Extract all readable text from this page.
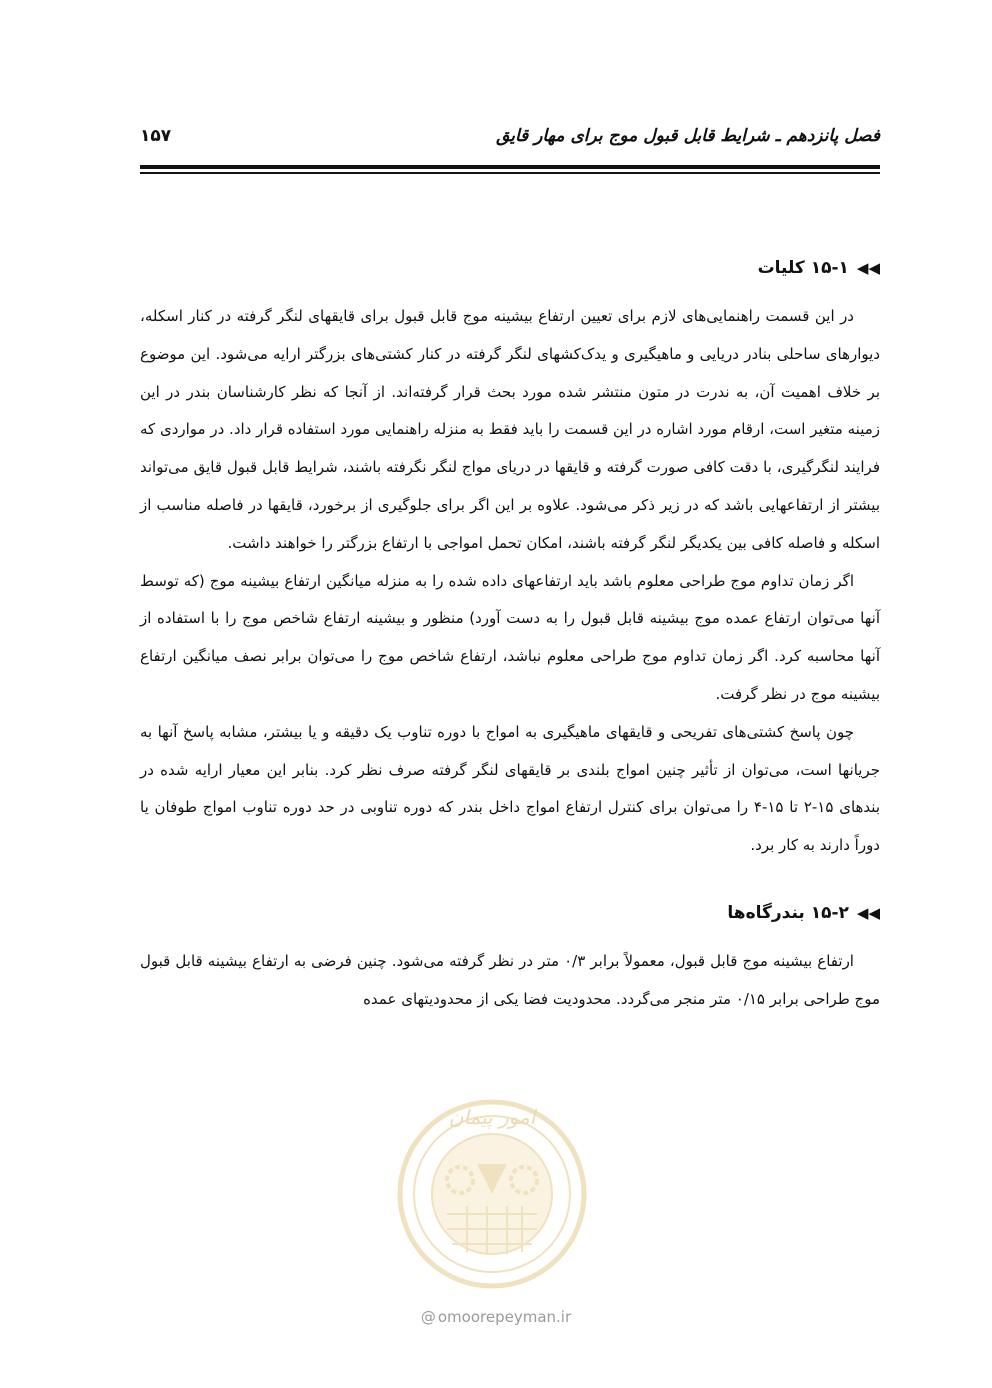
فصل پانزدهم ـ شرایط قابل قبول موج برای مهار قایق
۱۵۷
◀◀۱۵-۱ کلیات

در این قسمت راهنمایی‌های لازم برای تعیین ارتفاع بیشینه موج قابل قبول برای قایقهای لنگر گرفته در کنار اسکله، دیوارهای ساحلی بنادر دریایی و ماهیگیری و یدک‌کشهای لنگر گرفته در کنار کشتی‌های بزرگتر ارایه می‌شود. این موضوع بر خلاف اهمیت آن، به ندرت در متون منتشر شده مورد بحث قرار گرفته‌اند. از آنجا که نظر کارشناسان بندر در این زمینه متغیر است، ارقام مورد اشاره در این قسمت را باید فقط به منزله راهنمایی مورد استفاده قرار داد. در مواردی که فرایند لنگرگیری، با دقت کافی صورت گرفته و قایقها در دریای مواج لنگر نگرفته باشند، شرایط قابل قبول قایق می‌تواند بیشتر از ارتفاعهایی باشد که در زیر ذکر می‌شود. علاوه بر این اگر برای جلوگیری از برخورد، قایقها در فاصله مناسب از اسکله و فاصله کافی بین یکدیگر لنگر گرفته باشند، امکان تحمل امواجی با ارتفاع بزرگتر را خواهند داشت.

اگر زمان تداوم موج طراحی معلوم باشد باید ارتفاعهای داده شده را به منزله میانگین ارتفاع بیشینه موج (که توسط آنها می‌توان ارتفاع عمده موج بیشینه قابل قبول را به دست آورد) منظور و بیشینه ارتفاع شاخص موج را با استفاده از آنها محاسبه کرد. اگر زمان تداوم موج طراحی معلوم نباشد، ارتفاع شاخص موج را می‌توان برابر نصف میانگین ارتفاع بیشینه موج در نظر گرفت.

چون پاسخ کشتی‌های تفریحی و قایقهای ماهیگیری به امواج با دوره تناوب یک دقیقه و یا بیشتر، مشابه پاسخ آنها به جریانها است، می‌توان از تأثیر چنین امواج بلندی بر قایقهای لنگر گرفته صرف نظر کرد. بنابر این معیار ارایه شده در بندهای ۱۵-۲ تا ۱۵-۴ را می‌توان برای کنترل ارتفاع امواج داخل بندر که دوره تناوبی در حد دوره تناوب امواج طوفان یا دوراً دارند به کار برد.

◀◀۱۵-۲ بندرگاه‌ها

ارتفاع بیشینه موج قابل قبول، معمولاً برابر ۰/۳ متر در نظر گرفته می‌شود. چنین فرضی به ارتفاع بیشینه قابل قبول موج طراحی برابر ۰/۱۵ متر منجر می‌گردد. محدودیت فضا یکی از محدودیتهای عمده

امور پیمان
@ omoorepeyman.ir
